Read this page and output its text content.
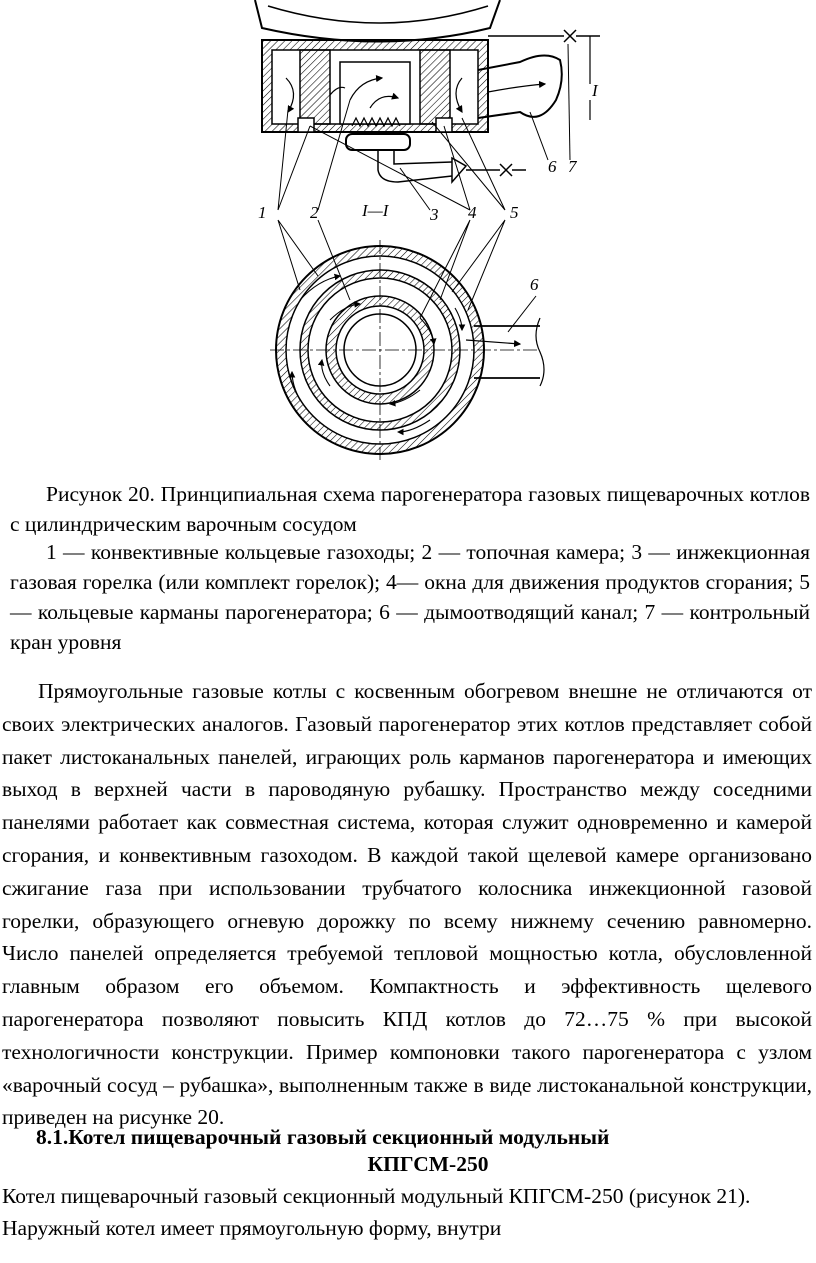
1	2	I—I 3 4 5
6 7
I
6
Рисунок 20. Принципиальная схема парогенератора газовых пищеварочных котлов с цилиндрическим варочным сосудом
1 — конвективные кольцевые газоходы; 2 — топочная камера; 3 — инжекционная газовая горелка (или комплект горелок); 4— окна для движения продуктов сгорания; 5 — кольцевые карманы парогенератора; 6 — дымоотводящий канал; 7 — контрольный кран уровня
Прямоугольные газовые котлы с косвенным обогревом внешне не отличаются от своих электрических аналогов. Газовый парогенератор этих котлов представляет собой пакет листоканальных панелей, играющих роль карманов парогенератора и имеющих выход в верхней части в пароводяную рубашку. Пространство между соседними панелями работает как совместная система, которая служит одновременно и камерой сгорания, и конвективным газоходом. В каждой такой щелевой камере организовано сжигание газа при использовании трубчатого колосника инжекционной газовой горелки, образующего огневую дорожку по всему нижнему сечению равномерно. Число панелей определяется требуемой тепловой мощностью котла, обусловленной главным образом его объемом. Компактность и эффективность щелевого парогенератора позволяют повысить КПД котлов до 72…75 % при высокой технологичности конструкции. Пример компоновки такого парогенератора с узлом «варочный сосуд – рубашка», выполненным также в виде листоканальной конструкции, приведен на рисунке 20.
8.1.Котел пищеварочный газовый секционный модульный
КПГСМ-250
Котел пищеварочный газовый секционный модульный КПГСМ-250 (рисунок 21). Наружный котел имеет прямоугольную форму, внутри
